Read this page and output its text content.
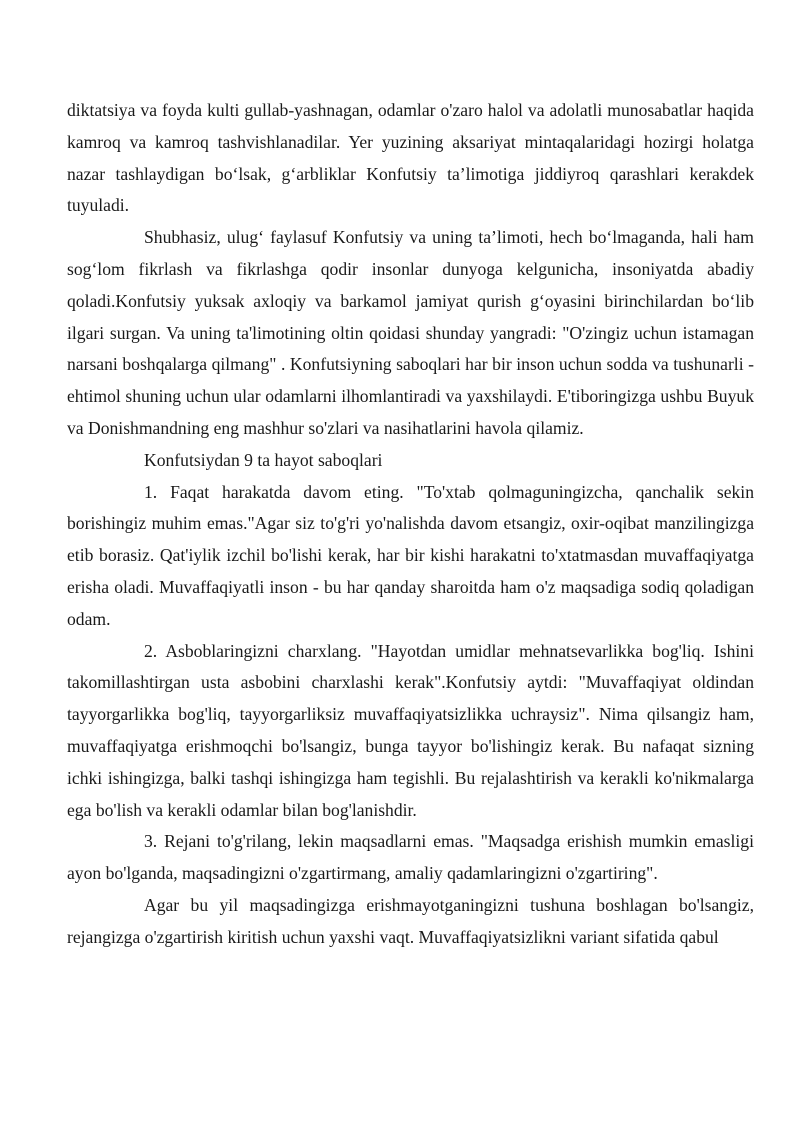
diktatsiya va foyda kulti gullab-yashnagan, odamlar o'zaro halol va adolatli munosabatlar haqida kamroq va kamroq tashvishlanadilar. Yer yuzining aksariyat mintaqalaridagi hozirgi holatga nazar tashlaydigan bo‘lsak, g‘arbliklar Konfutsiy ta’limotiga jiddiyroq qarashlari kerakdek tuyuladi.

Shubhasiz, ulugʻ faylasuf Konfutsiy va uning ta’limoti, hech bo‘lmaganda, hali ham sog‘lom fikrlash va fikrlashga qodir insonlar dunyoga kelgunicha, insoniyatda abadiy qoladi.Konfutsiy yuksak axloqiy va barkamol jamiyat qurish g‘oyasini birinchilardan bo‘lib ilgari surgan. Va uning ta'limotining oltin qoidasi shunday yangradi: "O'zingiz uchun istamagan narsani boshqalarga qilmang" . Konfutsiyning saboqlari har bir inson uchun sodda va tushunarli - ehtimol shuning uchun ular odamlarni ilhomlantiradi va yaxshilaydi. E'tiboringizga ushbu Buyuk va Donishmandning eng mashhur so'zlari va nasihatlarini havola qilamiz.

Konfutsiydan 9 ta hayot saboqlari

1. Faqat harakatda davom eting. "To'xtab qolmaguningizcha, qanchalik sekin borishingiz muhim emas."Agar siz to'g'ri yo'nalishda davom etsangiz, oxir-oqibat manzilingizga etib borasiz. Qat'iylik izchil bo'lishi kerak, har bir kishi harakatni to'xtatmasdan muvaffaqiyatga erisha oladi. Muvaffaqiyatli inson - bu har qanday sharoitda ham o'z maqsadiga sodiq qoladigan odam.

2. Asboblaringizni charxlang. "Hayotdan umidlar mehnatsevarlikka bog'liq. Ishini takomillashtirgan usta asbobini charxlashi kerak".Konfutsiy aytdi: "Muvaffaqiyat oldindan tayyorgarlikka bog'liq, tayyorgarliksiz muvaffaqiyatsizlikka uchraysiz". Nima qilsangiz ham, muvaffaqiyatga erishmoqchi bo'lsangiz, bunga tayyor bo'lishingiz kerak. Bu nafaqat sizning ichki ishingizga, balki tashqi ishingizga ham tegishli. Bu rejalashtirish va kerakli ko'nikmalarga ega bo'lish va kerakli odamlar bilan bog'lanishdir.

3. Rejani to'g'rilang, lekin maqsadlarni emas. "Maqsadga erishish mumkin emasligi ayon bo'lganda, maqsadingizni o'zgartirmang, amaliy qadamlaringizni o'zgartiring".

Agar bu yil maqsadingizga erishmayotganingizni tushuna boshlagan bo'lsangiz, rejangizga o'zgartirish kiritish uchun yaxshi vaqt. Muvaffaqiyatsizlikni variant sifatida qabul
